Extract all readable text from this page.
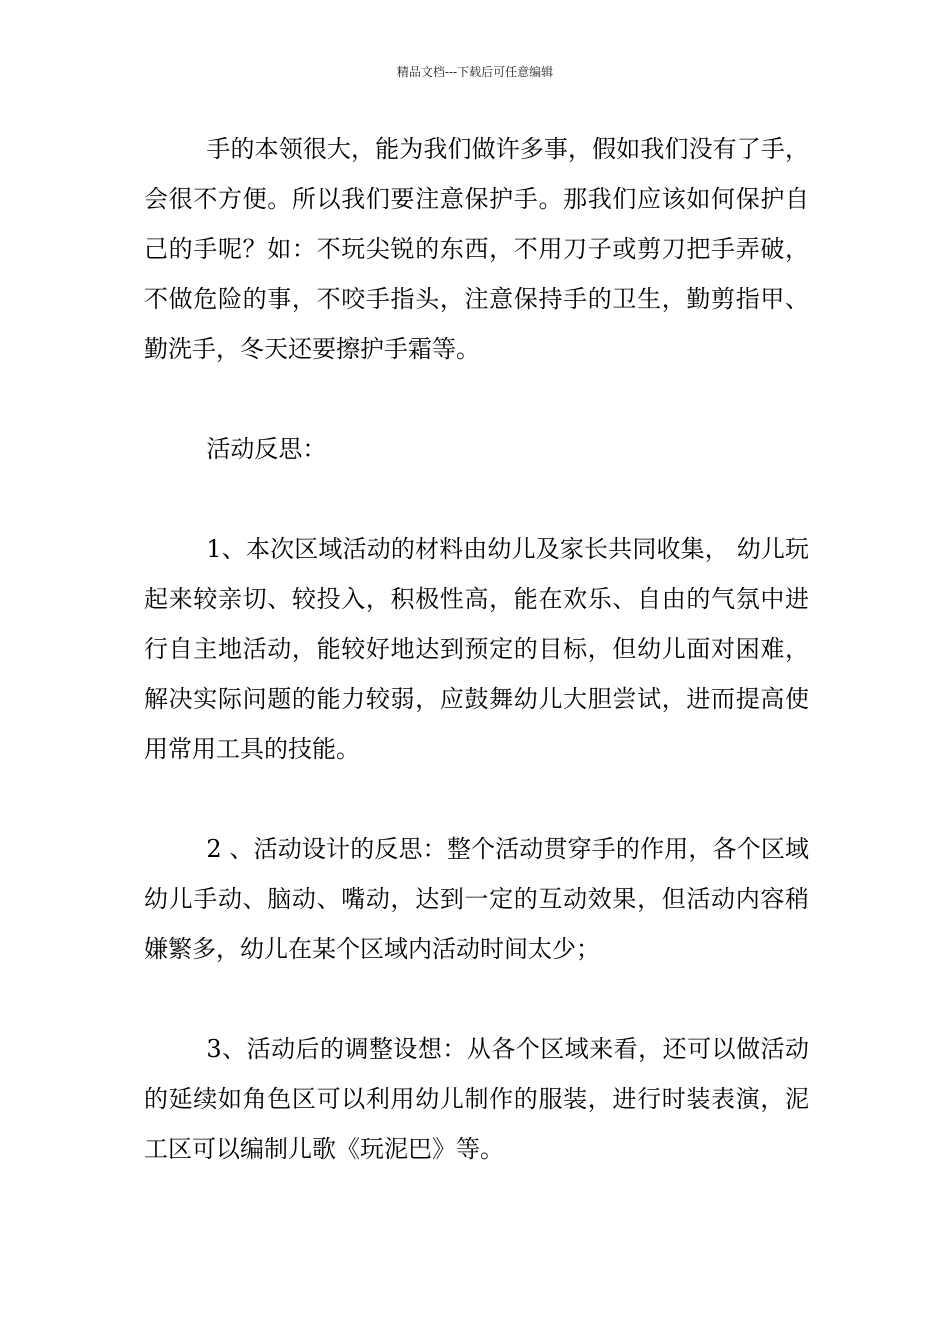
精品文档---下载后可任意编辑

手的本领很大，能为我们做许多事，假如我们没有了手，会很不方便。所以我们要注意保护手。那我们应该如何保护自己的手呢？如：不玩尖锐的东西，不用刀子或剪刀把手弄破，不做危险的事，不咬手指头，注意保持手的卫生，勤剪指甲、勤洗手，冬天还要擦护手霜等。

活动反思：

1、本次区域活动的材料由幼儿及家长共同收集， 幼儿玩起来较亲切、较投入，积极性高，能在欢乐、自由的气氛中进行自主地活动，能较好地达到预定的目标，但幼儿面对困难，解决实际问题的能力较弱，应鼓舞幼儿大胆尝试，进而提高使用常用工具的技能。

2 、活动设计的反思：整个活动贯穿手的作用，各个区域幼儿手动、脑动、嘴动，达到一定的互动效果，但活动内容稍嫌繁多，幼儿在某个区域内活动时间太少；

3、活动后的调整设想：从各个区域来看，还可以做活动的延续如角色区可以利用幼儿制作的服装，进行时装表演，泥工区可以编制儿歌《玩泥巴》等。
